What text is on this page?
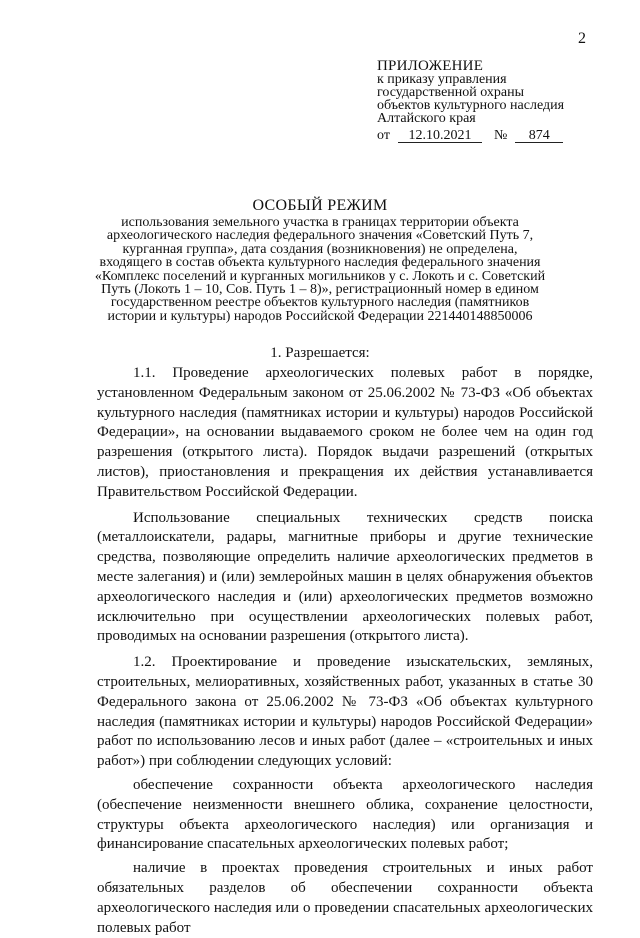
2
ПРИЛОЖЕНИЕ
к приказу управления
государственной охраны
объектов культурного наследия
Алтайского края
от 12.10.2021 № 874
ОСОБЫЙ РЕЖИМ
использования земельного участка в границах территории объекта археологического наследия федерального значения «Советский Путь 7, курганная группа», дата создания (возникновения) не определена, входящего в состав объекта культурного наследия федерального значения «Комплекс поселений и курганных могильников у с. Локоть и с. Советский Путь (Локоть 1 – 10, Сов. Путь 1 – 8)», регистрационный номер в едином государственном реестре объектов культурного наследия (памятников истории и культуры) народов Российской Федерации 221440148850006
1. Разрешается:

1.1. Проведение археологических полевых работ в порядке, установленном Федеральным законом от 25.06.2002 № 73-ФЗ «Об объектах культурного наследия (памятниках истории и культуры) народов Российской Федерации», на основании выдаваемого сроком не более чем на один год разрешения (открытого листа). Порядок выдачи разрешений (открытых листов), приостановления и прекращения их действия устанавливается Правительством Российской Федерации.

Использование специальных технических средств поиска (металлоискатели, радары, магнитные приборы и другие технические средства, позволяющие определить наличие археологических предметов в месте залегания) и (или) землеройных машин в целях обнаружения объектов археологического наследия и (или) археологических предметов возможно исключительно при осуществлении археологических полевых работ, проводимых на основании разрешения (открытого листа).

1.2. Проектирование и проведение изыскательских, земляных, строительных, мелиоративных, хозяйственных работ, указанных в статье 30 Федерального закона от 25.06.2002 № 73-ФЗ «Об объектах культурного наследия (памятниках истории и культуры) народов Российской Федерации» работ по использованию лесов и иных работ (далее – «строительных и иных работ») при соблюдении следующих условий:

обеспечение сохранности объекта археологического наследия (обеспечение неизменности внешнего облика, сохранение целостности, структуры объекта археологического наследия) или организация и финансирование спасательных археологических полевых работ;

наличие в проектах проведения строительных и иных работ обязательных разделов об обеспечении сохранности объекта археологического наследия или о проведении спасательных археологических полевых работ
